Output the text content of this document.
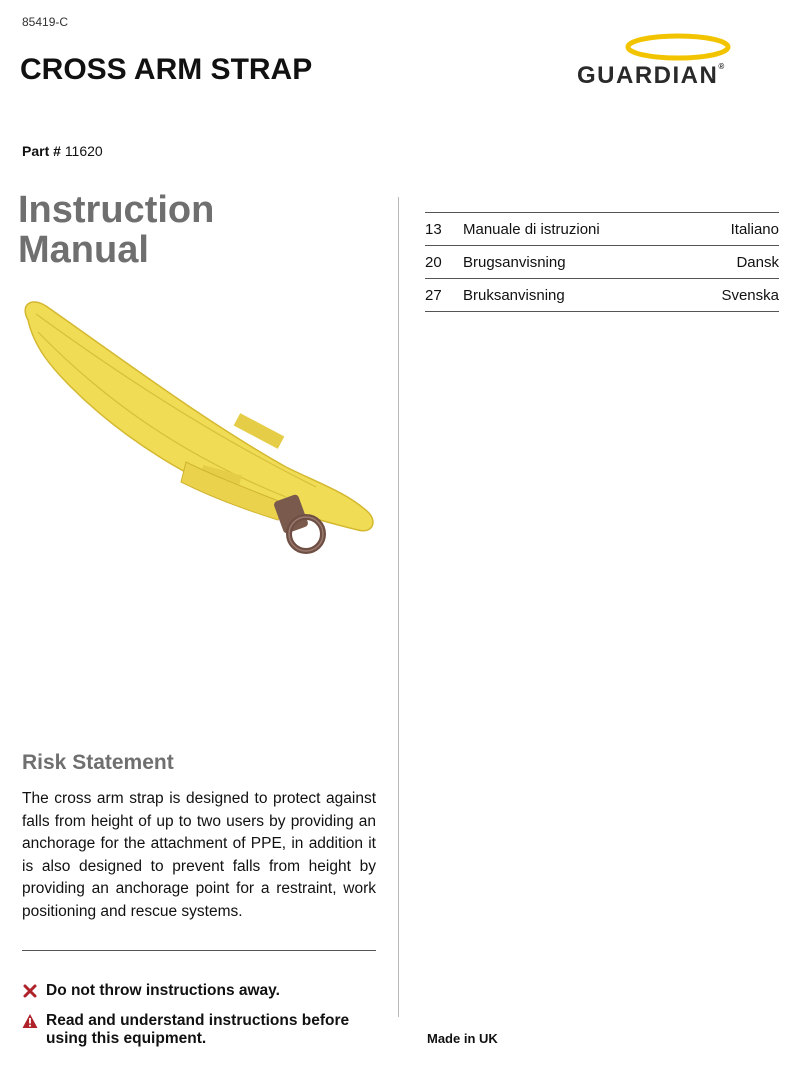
85419-C
CROSS ARM STRAP
Part # 11620
GUARDIAN®
Instruction Manual	13	Manuale di istruzioni	Italiano
20	Brugsanvisning	Dansk
27	Bruksanvisning	Svenska
Risk Statement

The cross arm strap is designed to protect against falls from height of up to two users by providing an anchorage for the attachment of PPE, in addition it is also designed to prevent falls from height by providing an anchorage point for a restraint, work positioning and rescue systems.

Do not throw instructions away.
Read and understand instructions before using this equipment.	Made in UK
